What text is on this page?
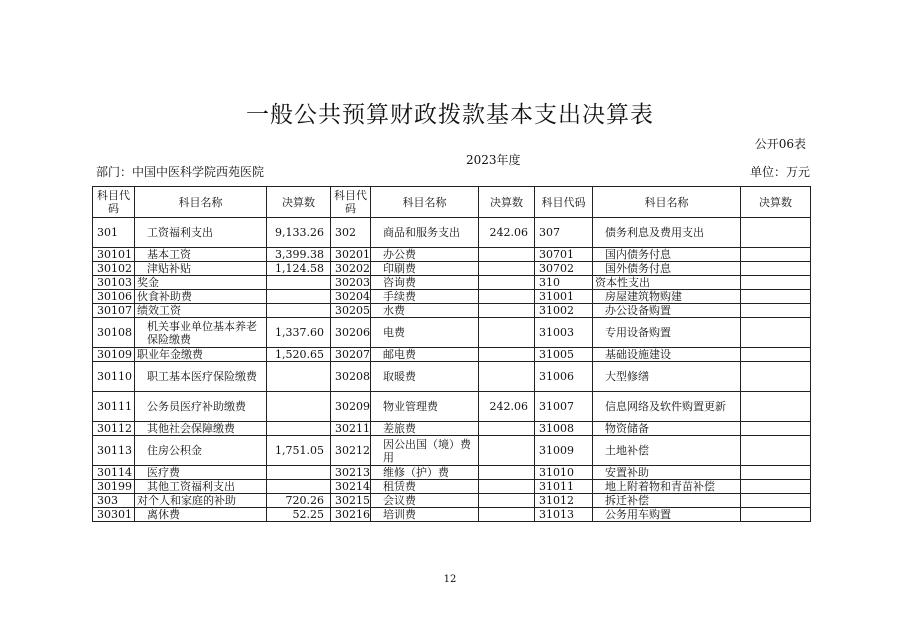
一般公共预算财政拨款基本支出决算表
公开06表
部门：中国中医科学院西苑医院
2023年度
单位：万元
科目代码	科目名称	决算数	科目代码	科目名称	决算数	科目代码	科目名称	决算数
301	工资福利支出	9,133.26	302	商品和服务支出	242.06	307	债务利息及费用支出	
30101	基本工资	3,399.38	30201	办公费		30701	国内债务付息	
30102	津贴补贴	1,124.58	30202	印刷费		30702	国外债务付息	
30103	奖金		30203	咨询费		310	资本性支出	
30106	伙食补助费		30204	手续费		31001	房屋建筑物购建	
30107	绩效工资		30205	水费		31002	办公设备购置	
30108	机关事业单位基本养老保险缴费	1,337.60	30206	电费		31003	专用设备购置	
30109	职业年金缴费	1,520.65	30207	邮电费		31005	基础设施建设	
30110	职工基本医疗保险缴费		30208	取暖费		31006	大型修缮	
30111	公务员医疗补助缴费		30209	物业管理费	242.06	31007	信息网络及软件购置更新	
30112	其他社会保障缴费		30211	差旅费		31008	物资储备	
30113	住房公积金	1,751.05	30212	因公出国（境）费用		31009	土地补偿	
30114	医疗费		30213	维修（护）费		31010	安置补助	
30199	其他工资福利支出		30214	租赁费		31011	地上附着物和青苗补偿	
303	对个人和家庭的补助	720.26	30215	会议费		31012	拆迁补偿	
30301	离休费	52.25	30216	培训费		31013	公务用车购置	
12
